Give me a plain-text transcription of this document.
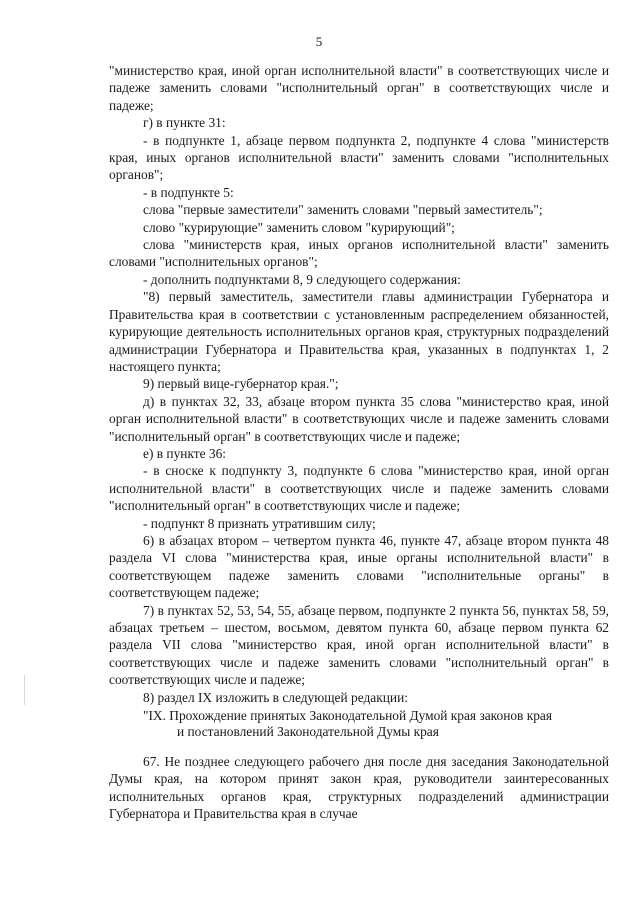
5

"министерство края, иной орган исполнительной власти" в соответствующих числе и падеже заменить словами "исполнительный орган" в соответствующих числе и падеже;

г) в пункте 31:

- в подпункте 1, абзаце первом подпункта 2, подпункте 4 слова "министерств края, иных органов исполнительной власти" заменить словами "исполнительных органов";

- в подпункте 5:

слова "первые заместители" заменить словами "первый заместитель";

слово "курирующие" заменить словом "курирующий";

слова "министерств края, иных органов исполнительной власти" заменить словами "исполнительных органов";

- дополнить подпунктами 8, 9 следующего содержания:

"8) первый заместитель, заместители главы администрации Губернатора и Правительства края в соответствии с установленным распределением обязанностей, курирующие деятельность исполнительных органов края, структурных подразделений администрации Губернатора и Правительства края, указанных в подпунктах 1, 2 настоящего пункта;

9) первый вице-губернатор края.";

д) в пунктах 32, 33, абзаце втором пункта 35 слова "министерство края, иной орган исполнительной власти" в соответствующих числе и падеже заменить словами "исполнительный орган" в соответствующих числе и падеже;

е) в пункте 36:

- в сноске к подпункту 3, подпункте 6 слова "министерство края, иной орган исполнительной власти" в соответствующих числе и падеже заменить словами "исполнительный орган" в соответствующих числе и падеже;

- подпункт 8 признать утратившим силу;

6) в абзацах втором – четвертом пункта 46, пункте 47, абзаце втором пункта 48 раздела VI слова "министерства края, иные органы исполнительной власти" в соответствующем падеже заменить словами "исполнительные органы" в соответствующем падеже;

7) в пунктах 52, 53, 54, 55, абзаце первом, подпункте 2 пункта 56, пунктах 58, 59, абзацах третьем – шестом, восьмом, девятом пункта 60, абзаце первом пункта 62 раздела VII слова "министерство края, иной орган исполнительной власти" в соответствующих числе и падеже заменить словами "исполнительный орган" в соответствующих числе и падеже;

8) раздел IX изложить в следующей редакции:

"IX. Прохождение принятых Законодательной Думой края законов края
и постановлений Законодательной Думы края

67. Не позднее следующего рабочего дня после дня заседания Законодательной Думы края, на котором принят закон края, руководители заинтересованных исполнительных органов края, структурных подразделений администрации Губернатора и Правительства края в случае
